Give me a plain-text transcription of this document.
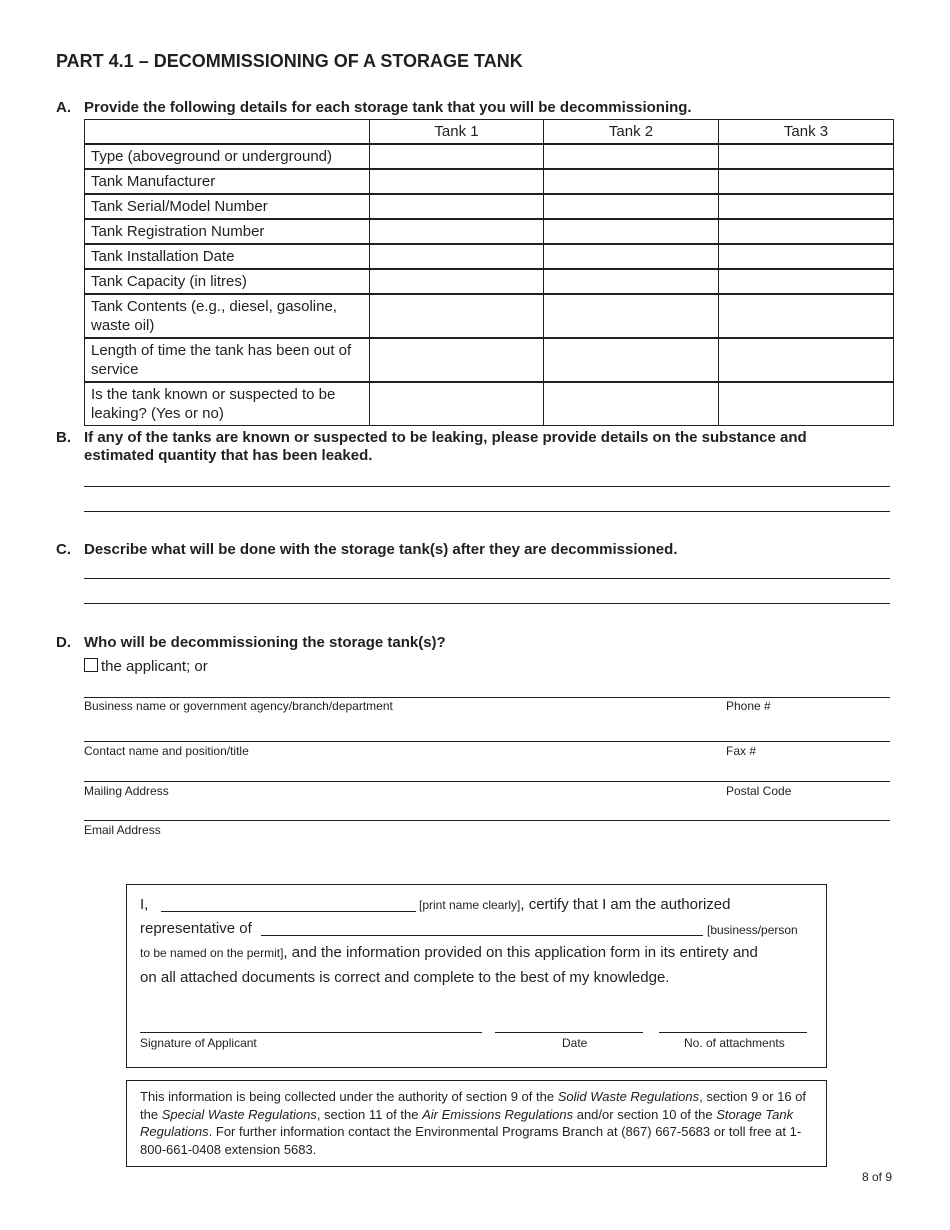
PART 4.1 – DECOMMISSIONING OF A STORAGE TANK
A. Provide the following details for each storage tank that you will be decommissioning.
	Tank 1	Tank 2	Tank 3
Type (aboveground or underground)			
Tank Manufacturer			
Tank Serial/Model Number			
Tank Registration Number			
Tank Installation Date			
Tank Capacity (in litres)			
Tank Contents (e.g., diesel, gasoline, waste oil)			
Length of time the tank has been out of service			
Is the tank known or suspected to be leaking? (Yes or no)			
B. If any of the tanks are known or suspected to be leaking, please provide details on the substance and estimated quantity that has been leaked.
C. Describe what will be done with the storage tank(s) after they are decommissioned.
D. Who will be decommissioning the storage tank(s)?
the applicant; or
Business name or government agency/branch/department	Phone #
Contact name and position/title	Fax #
Mailing Address	Postal Code
Email Address
I,	[print name clearly], certify that I am the authorized
representative of	[business/person
to be named on the permit], and the information provided on this application form in its entirety and
on all attached documents is correct and complete to the best of my knowledge.
Signature of Applicant	Date	No. of attachments
This information is being collected under the authority of section 9 of the Solid Waste Regulations, section 9 or 16 of the Special Waste Regulations, section 11 of the Air Emissions Regulations and/or section 10 of the Storage Tank Regulations. For further information contact the Environmental Programs Branch at (867) 667-5683 or toll free at 1-800-661-0408 extension 5683.
8 of 9
